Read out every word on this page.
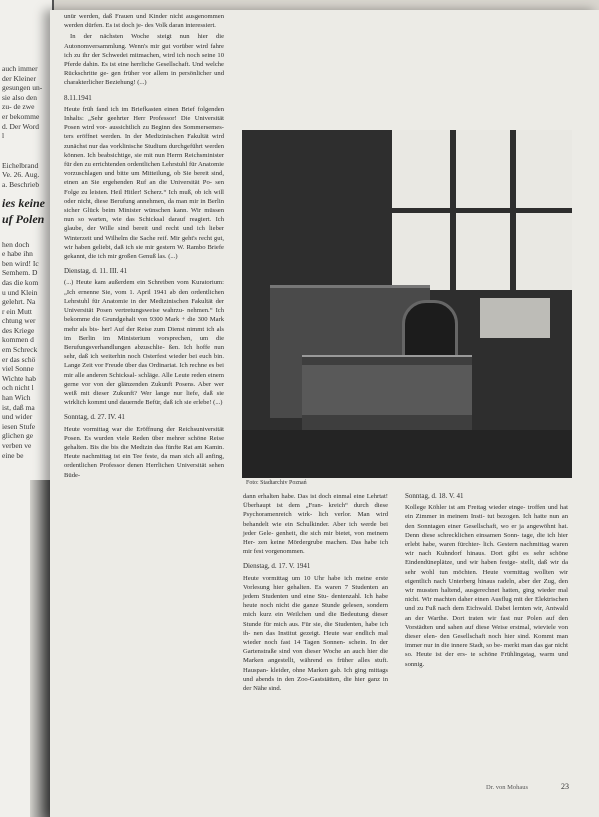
auch immer
der Kleiner
gesungen un-
sie also den
zu- de zwe
er bekomme
d. Der Word
l
Eichelbrand
Ve. 26. Aug.
a. Beschrieb
ies keine
uf Polen
hen doch
e habe ihn
ben wird! Ic
Semhem. D
das die kom
u und Klein
gelehrt. Na
r ein Mutt
chtung wer
des Kriege
kommen d
em Schreck
er das schö
viel Sonne
Wichte hab
och nicht l
han Wich
ist, daß ma
und wider
iesen Stufe
glichen ge
verben ve
eine be

unür werden, daß Frauen und Kinder nicht ausgenommen werden dürfen. Es ist doch je- des Volk daran interessiert.

In der nächsten Woche steigt nun hier die Autonomversammlung. Wenn's mir gut vorüber wird fahre ich zu ihr der Schwedei mitmachen, wird ich noch seine 10 Pferde dahin. Es ist eine herrliche Gesellschaft. Und welche Rückschritte ge- gen früher vor allem in persönlicher und charakterlicher Beziehung! (...)

8.11.1941

Heute früh fand ich im Briefkasten einen Brief folgenden Inhalts: „Sehr geehrter Herr Professor! Die Universität Posen wird vor- aussichtlich zu Beginn des Sommersemes- ters eröffnet werden. In der Medizinischen Fakultät wird zunächst nur das vorklinische Studium durchgeführt werden können. Ich beabsichtige, sie mit nun Herrn Reichsminister für den zu errichtenden ordentlichen Lehrstuhl für Anatomie vorzuschlagen und bitte um Mitteilung, ob Sie bereit sind, einen an Sie ergehenden Ruf an die Universität Po- sen Folge zu leisten. Heil Hitler! Scherz.“ Ich muß, ob ich will oder nicht, diese Berufung annehmen, da man mir in Berlin sicher Glück beim Minister wünschen kann. Wir müssen nun so warten, wie das Schicksal darauf reagiert. Ich glaube, der Wille sind bereit und recht und ich lieber Winterzeit und Wilhelm die Sache reif. Mir geht's recht gut, wir haben geliebt, daß ich sie mir gestern W. Rambo Briefe gekannt, die ich mir großen Genuß las. (...)

Dienstag, d. 11. III. 41

(...) Heute kam außerdem ein Schreiben vom Kuratorium: „Ich ernenne Sie, vom 1. April 1941 ab den ordentlichen Lehrstuhl für Anatomie in der Medizinischen Fakultät der Universität Posen vertretungsweise wahrzu- nehmen.“ Ich bekomme die Grundgehalt von 9300 Mark + die 300 Mark mehr als bis- her! Auf der Reise zum Dienst nimmt ich als im Berlin im Ministerium vorsprechen, um die Berufungsverhandlungen abzuschlie- ßen. Ich hoffe nun sehr, daß ich weiterhin noch Osterfest wieder bei euch bin. Lange Zeit vor Freude über das Ordinariat. Ich rechne es bei mir alle anderen Schicksal- schläge. Alle Leute reden einem gerne vor von der glänzenden Zukunft Posens. Aber wer weiß mit dieser Zukunft? Wer lange nur liefe, daß sie wirklich kommt und dauernde Befür, daß ich sie erlebe! (...)

Sonntag, d. 27. IV. 41

Heute vormittag war die Eröffnung der Reichsuniversität Posen. Es wurden viele Reden über mehrer schöne Reise gehalten. Bis die bis die Medizin das fünfte Rat am Kamin. Heute nachmittag ist ein Tee feste, da man sich all anfing, ordentlichen Professor denen Herrlichen Universität sehen Büde-

Foto: Stadtarchiv Poznań

dann erhalten habe. Das ist doch einmal eine Lehrtat! Überhaupt ist dem „Fran- kreich“ durch diese Psychoramenreich wirk- lich verlor. Man wird behandelt wie ein Schulkinder. Aber ich werde bei jeder Gele- genheit, die sich mir bietet, von meinem Her- zen keine Mördergrube machen. Das habe ich mir fest vorgenommen.

Dienstag, d. 17. V. 1941

Heute vormittag um 10 Uhr habe ich meine erste Vorlesung hier gehalten. Es waren 7 Studenten an jedem Studenten und eine Stu- dentenzahl. Ich habe heute noch nicht die ganze Stunde gelesen, sondern mich kurz ein Weilchen und die Bedeutung dieser Stunde für mich aus. Für sie, die Studenten, habe ich ih- nen das Institut gezeigt. Heute war endlich mal wieder noch fast 14 Tagen Sonnen- schein. In der Gartenstraße sind von dieser Woche an auch hier die Marken angestellt, während es früher alles stuft. Hauspan- kleider, ohne Marken gab. Ich ging mittags und abends in den Zoo-Gaststätten, die hier ganz in der Nähe sind.

Sonntag, d. 18. V. 41

Kollege Köhler ist am Freitag wieder einge- troffen und hat ein Zimmer in meinem Insti- tut bezogen. Ich hatte nun an den Sonntagen einer Gesellschaft, wo er ja angewöhnt hat. Denn diese schrecklichen einsamen Sonn- tage, die ich hier erlebt habe, waren fürchter- lich. Gestern nachmittag waren wir nach Kuhndorf hinaus. Dort gibt es sehr schöne Eindendüneplätze, und wir haben festge- stellt, daß wir da sehr wohl tun möchten. Heute vormittag wollten wir eigentlich nach Unterberg hinaus radeln, aber der Zug, den wir mussten haltend, ausgerechnet hatten, ging wieder mal nicht. Wir machten daher einen Ausflug mit der Elektrischen und zu Fuß nach dem Eichwald. Dabei lernten wir, Antwald an der Warthe. Dort traten wir fast nur Polen auf den Vorstädten und sahen auf diese Weise erstmal, wieviele von dieser elen- den Gesellschaft noch hier sind. Kommt man immer nur in die innere Stadt, so be- merkt man das gar nicht so. Heute ist der ers- te schöne Frühlingstag, warm und sonnig.

Dr. von Mohaus	23
